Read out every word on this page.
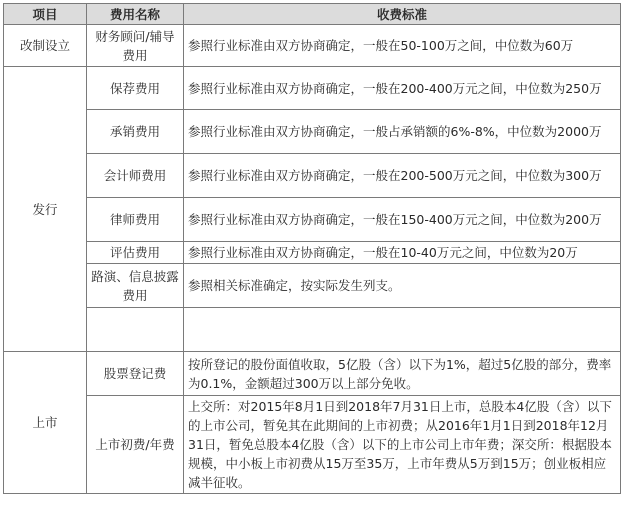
项目	费用名称	收费标准
改制设立	财务顾问/辅导费用	参照行业标准由双方协商确定，一般在50-100万之间，中位数为60万
发行	保荐费用	参照行业标准由双方协商确定，一般在200-400万元之间，中位数为250万
	承销费用	参照行业标准由双方协商确定，一般占承销额的6%-8%，中位数为2000万
	会计师费用	参照行业标准由双方协商确定，一般在200-500万元之间，中位数为300万
	律师费用	参照行业标准由双方协商确定，一般在150-400万元之间，中位数为200万
	评估费用	参照行业标准由双方协商确定，一般在10-40万元之间，中位数为20万
	路演、信息披露费用	参照相关标准确定，按实际发生列支。

上市	股票登记费	按所登记的股份面值收取，5亿股（含）以下为1%，超过5亿股的部分，费率为0.1%，金额超过300万以上部分免收。
	上市初费/年费	上交所：对2015年8月1日到2018年7月31日上市，总股本4亿股（含）以下的上市公司，暂免其在此期间的上市初费；从2016年1月1日到2018年12月31日，暂免总股本4亿股（含）以下的上市公司上市年费；深交所：根据股本规模，中小板上市初费从15万至35万，上市年费从5万到15万；创业板相应减半征收。
